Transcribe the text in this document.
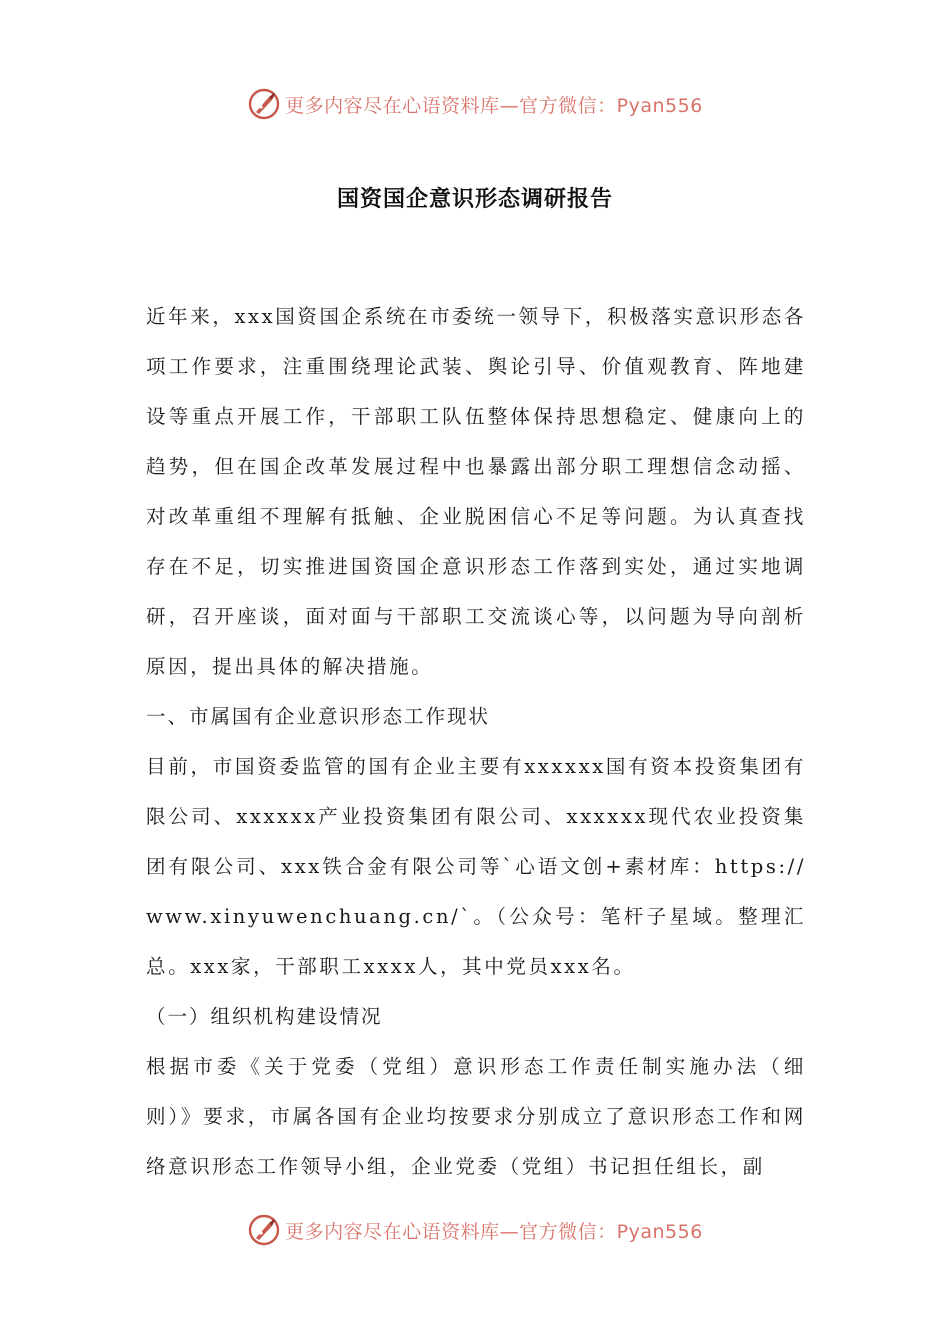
更多内容尽在心语资料库—官方微信：Pyan556
国资国企意识形态调研报告

近年来，xxx国资国企系统在市委统一领导下，积极落实意识形态各项工作要求，注重围绕理论武装、舆论引导、价值观教育、阵地建设等重点开展工作，干部职工队伍整体保持思想稳定、健康向上的趋势，但在国企改革发展过程中也暴露出部分职工理想信念动摇、对改革重组不理解有抵触、企业脱困信心不足等问题。为认真查找存在不足，切实推进国资国企意识形态工作落到实处，通过实地调研，召开座谈，面对面与干部职工交流谈心等，以问题为导向剖析原因，提出具体的解决措施。

一、市属国有企业意识形态工作现状

目前，市国资委监管的国有企业主要有xxxxxx国有资本投资集团有限公司、xxxxxx产业投资集团有限公司、xxxxxx现代农业投资集团有限公司、xxx铁合金有限公司等`心语文创+素材库：https://www.xinyuwenchuang.cn/`。（公众号：笔杆子星域。整理汇总。xxx家，干部职工xxxx人，其中党员xxx名。

（一）组织机构建设情况

根据市委《关于党委（党组）意识形态工作责任制实施办法（细则）》要求，市属各国有企业均按要求分别成立了意识形态工作和网络意识形态工作领导小组，企业党委（党组）书记担任组长，副

更多内容尽在心语资料库—官方微信：Pyan556
